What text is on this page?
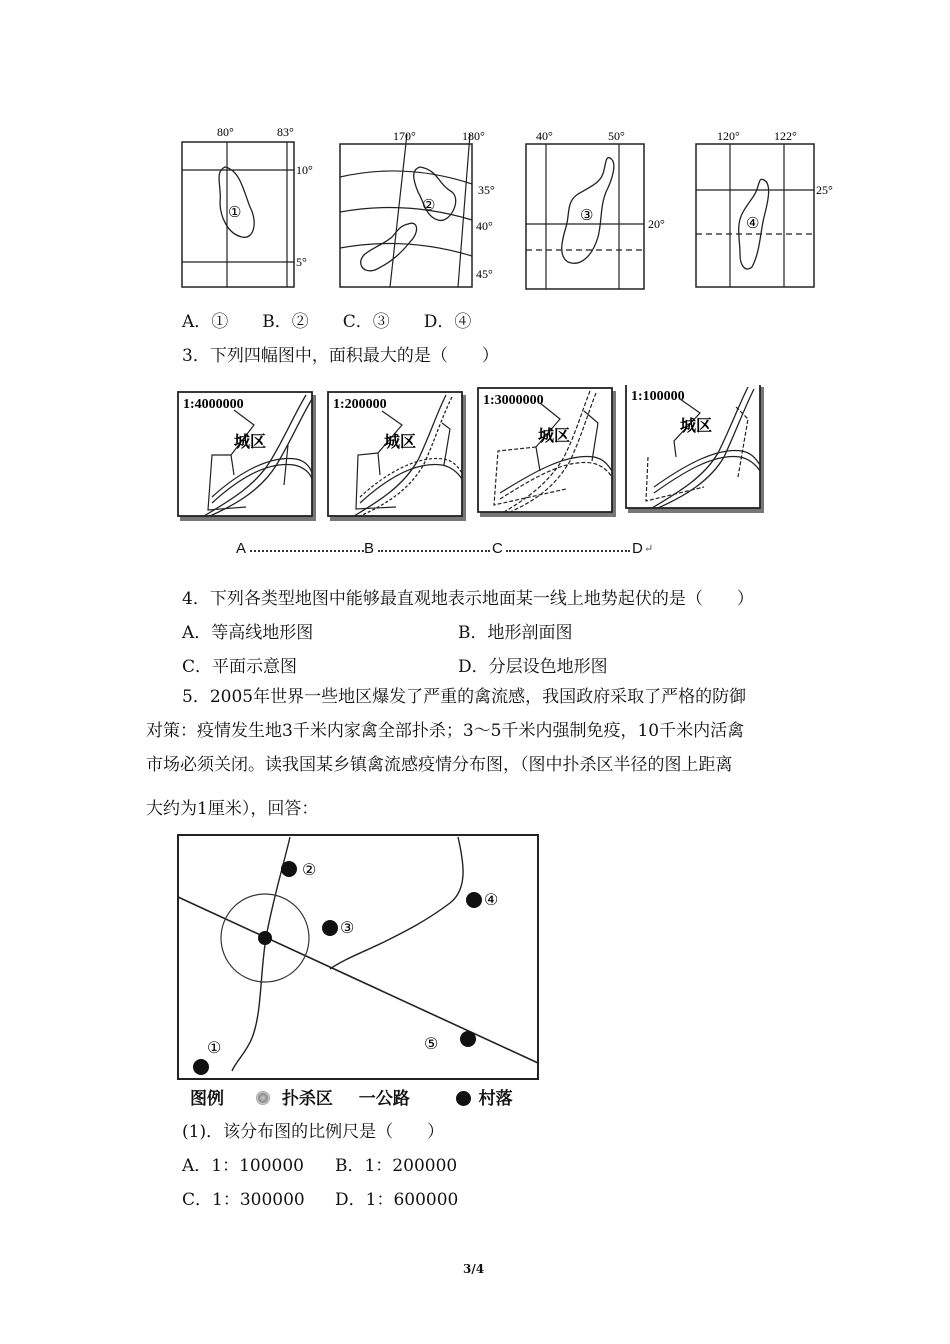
80°	83°
10°
5°
①
170°	180°
35°
40°
45°
②
40°	50°
20°
③
120°	122°
25°
④
A．①　　B．②　　C．③　　D．④
3．下列四幅图中，面积最大的是（　　）
1:4000000
城区
1:200000
城区
1:3000000
城区
1:100000
城区
A	B	C	D ↵
4．下列各类型地图中能够最直观地表示地面某一线上地势起伏的是（　　）
A．等高线地形图	B．地形剖面图
C．平面示意图	D．分层设色地形图
5．2005年世界一些地区爆发了严重的禽流感，我国政府采取了严格的防御
对策：疫情发生地3千米内家禽全部扑杀；3～5千米内强制免疫，10千米内活禽
市场必须关闭。读我国某乡镇禽流感疫情分布图，（图中扑杀区半径的图上距离
大约为1厘米），回答：
①
②
③
④
⑤
图例	扑杀区 一公路	村落
(1)．该分布图的比例尺是（　　）
A．1：100000 B．1：200000
C．1：300000 D．1：600000
3/4
